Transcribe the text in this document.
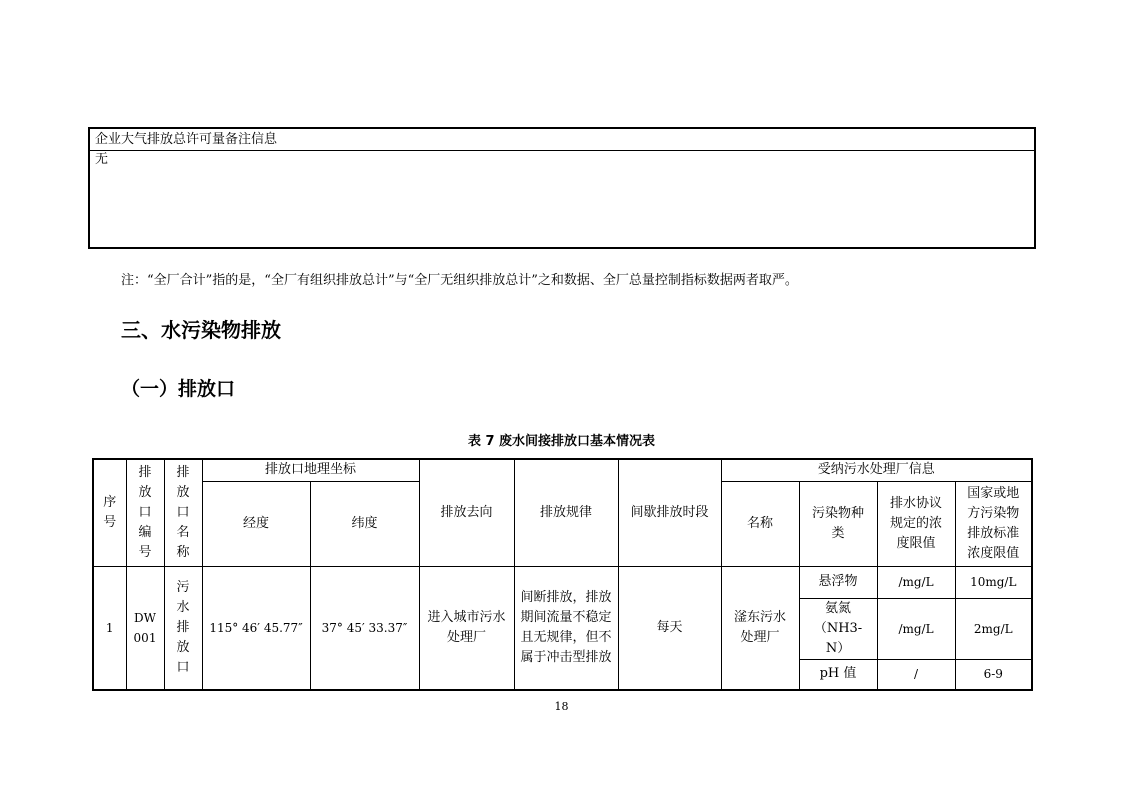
企业大气排放总许可量备注信息
无
注：“全厂合计”指的是，“全厂有组织排放总计”与“全厂无组织排放总计”之和数据、全厂总量控制指标数据两者取严。
三、水污染物排放
（一）排放口
表 7 废水间接排放口基本情况表
序号	排放口编号	排放口名称	排放口地理坐标		排放去向	排放规律	间歇排放时段	受纳污水处理厂信息			
			经度	纬度				名称	污染物种类	排水协议规定的浓度限值	国家或地方污染物排放标准浓度限值

1	DW001	污水排放口	115° 46′ 45.77″	37° 45′ 33.37″	进入城市污水处理厂	间断排放，排放期间流量不稳定且无规律，但不属于冲击型排放	每天	滏东污水处理厂	悬浮物	/mg/L	10mg/L

									氨氮（NH3-N）	/mg/L	2mg/L
									pH 值	/	6-9
18
